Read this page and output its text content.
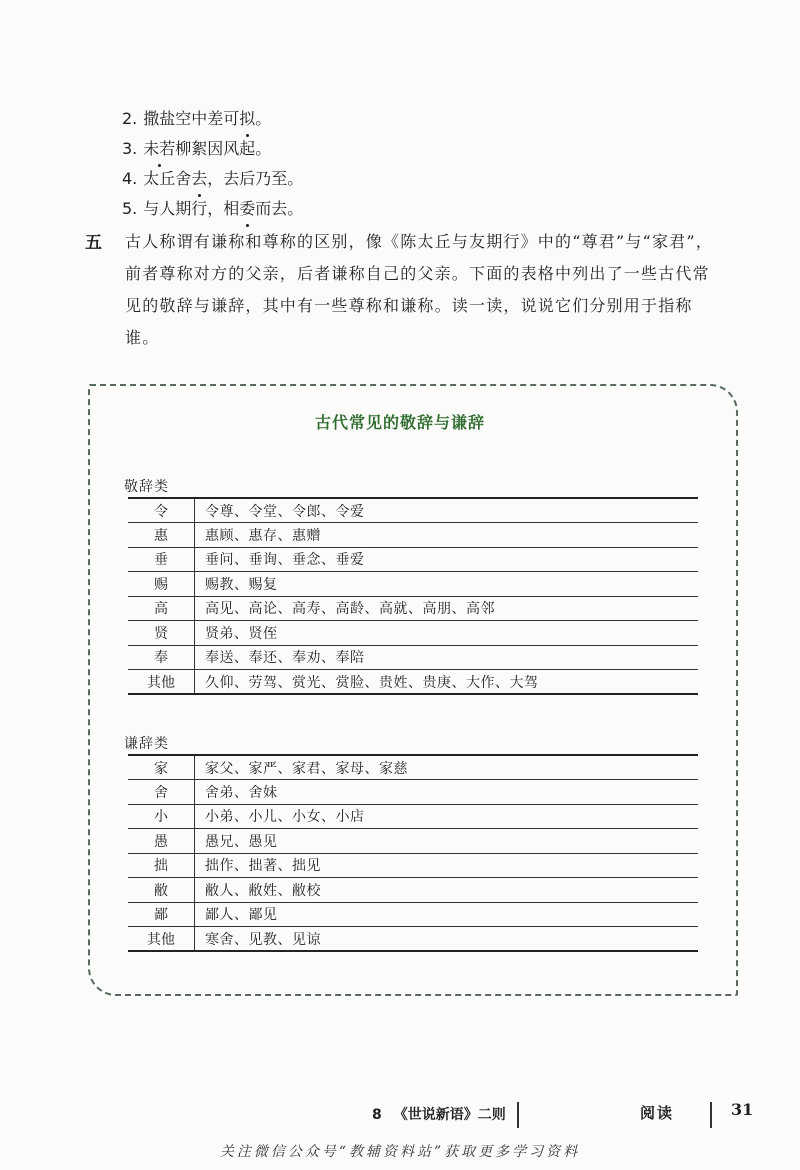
2. 撒盐空中差可拟。
3. 未若柳絮因风起。
4. 太丘舍去，去后乃至。
5. 与人期行，相委而去。
五 古人称谓有谦称和尊称的区别，像《陈太丘与友期行》中的“尊君”与“家君”，前者尊称对方的父亲，后者谦称自己的父亲。下面的表格中列出了一些古代常见的敬辞与谦辞，其中有一些尊称和谦称。读一读，说说它们分别用于指称谁。
古代常见的敬辞与谦辞
敬辞类
令	令尊、令堂、令郎、令爱
惠	惠顾、惠存、惠赠
垂	垂问、垂询、垂念、垂爱
赐	赐教、赐复
高	高见、高论、高寿、高龄、高就、高朋、高邻
贤	贤弟、贤侄
奉	奉送、奉还、奉劝、奉陪
其他	久仰、劳驾、赏光、赏脸、贵姓、贵庚、大作、大驾
谦辞类
家	家父、家严、家君、家母、家慈
舍	舍弟、舍妹
小	小弟、小儿、小女、小店
愚	愚兄、愚见
拙	拙作、拙著、拙见
敝	敝人、敝姓、敝校
鄙	鄙人、鄙见
其他	寒舍、见教、见谅
8 《世说新语》二则	阅读	31
关注微信公众号“教辅资料站”获取更多学习资料
